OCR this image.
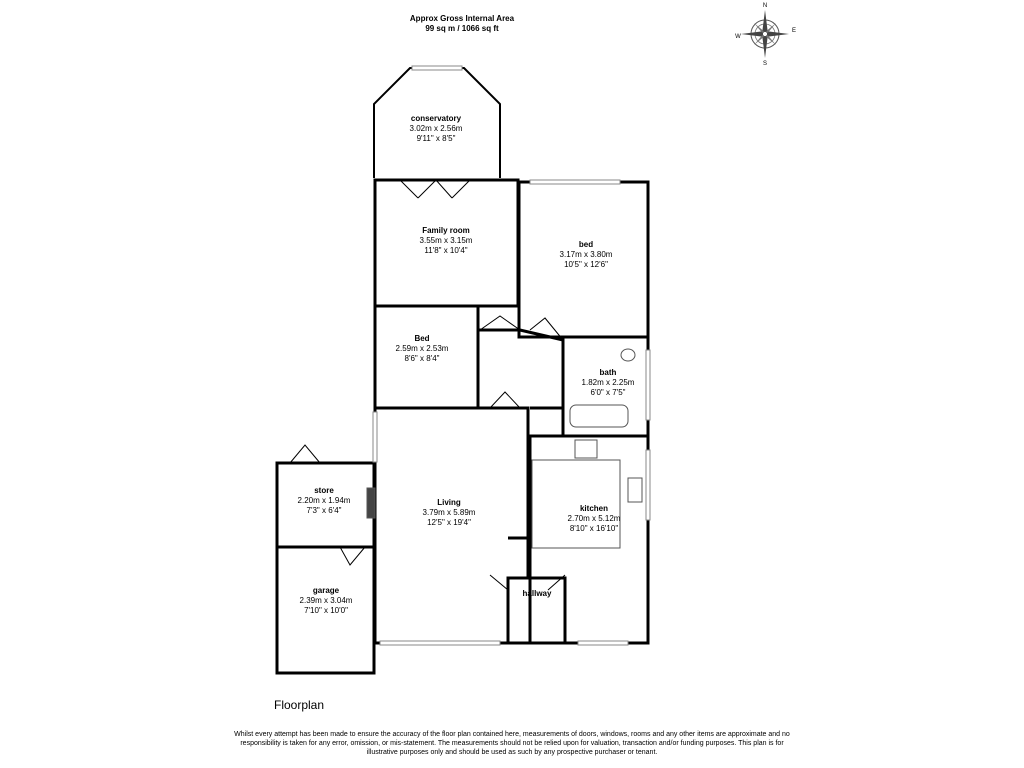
Approx Gross Internal Area
99 sq m / 1066 sq ft
N
S
E
W
conservatory
3.02m x 2.56m
9'11" x 8'5"
Family room
3.55m x 3.15m
11'8" x 10'4"
bed
3.17m x 3.80m
10'5" x 12'6"
Bed
2.59m x 2.53m
8'6" x 8'4"
bath
1.82m x 2.25m
6'0" x 7'5"
store
2.20m x 1.94m
7'3" x 6'4"
Living
3.79m x 5.89m
12'5" x 19'4"
kitchen
2.70m x 5.12m
8'10" x 16'10"
garage
2.39m x 3.04m
7'10" x 10'0"
hallway
Floorplan
Whilst every attempt has been made to ensure the accuracy of the floor plan contained here, measurements of doors, windows, rooms and any other items are approximate and no responsibility is taken for any error, omission, or mis-statement. The measurements should not be relied upon for valuation, transaction and/or funding purposes. This plan is for illustrative purposes only and should be used as such by any prospective purchaser or tenant.
